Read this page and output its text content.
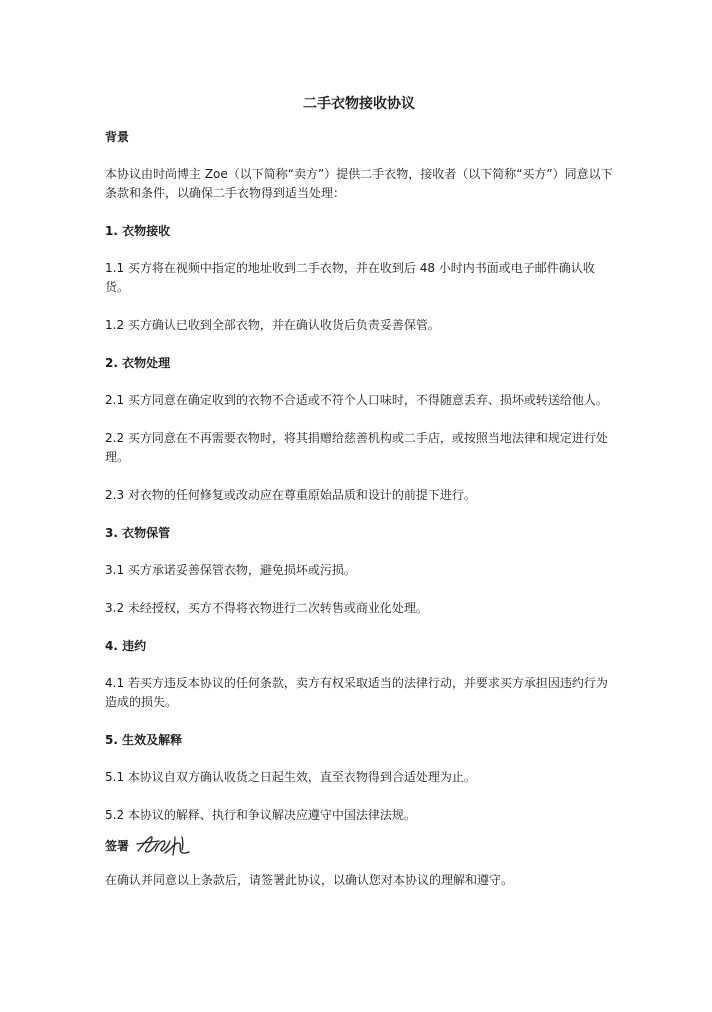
二手衣物接收协议
背景
本协议由时尚博主 Zoe（以下简称“卖方”）提供二手衣物，接收者（以下简称“买方”）同意以下条款和条件，以确保二手衣物得到适当处理：
1. 衣物接收
1.1 买方将在视频中指定的地址收到二手衣物，并在收到后 48 小时内书面或电子邮件确认收货。
1.2 买方确认已收到全部衣物，并在确认收货后负责妥善保管。
2. 衣物处理
2.1 买方同意在确定收到的衣物不合适或不符个人口味时，不得随意丢弃、损坏或转送给他人。
2.2 买方同意在不再需要衣物时，将其捐赠给慈善机构或二手店，或按照当地法律和规定进行处理。
2.3 对衣物的任何修复或改动应在尊重原始品质和设计的前提下进行。
3. 衣物保管
3.1 买方承诺妥善保管衣物，避免损坏或污损。
3.2 未经授权，买方不得将衣物进行二次转售或商业化处理。
4. 违约
4.1 若买方违反本协议的任何条款，卖方有权采取适当的法律行动，并要求买方承担因违约行为造成的损失。
5. 生效及解释
5.1 本协议自双方确认收货之日起生效，直至衣物得到合适处理为止。
5.2 本协议的解释、执行和争议解决应遵守中国法律法规。
签署
在确认并同意以上条款后，请签署此协议，以确认您对本协议的理解和遵守。
